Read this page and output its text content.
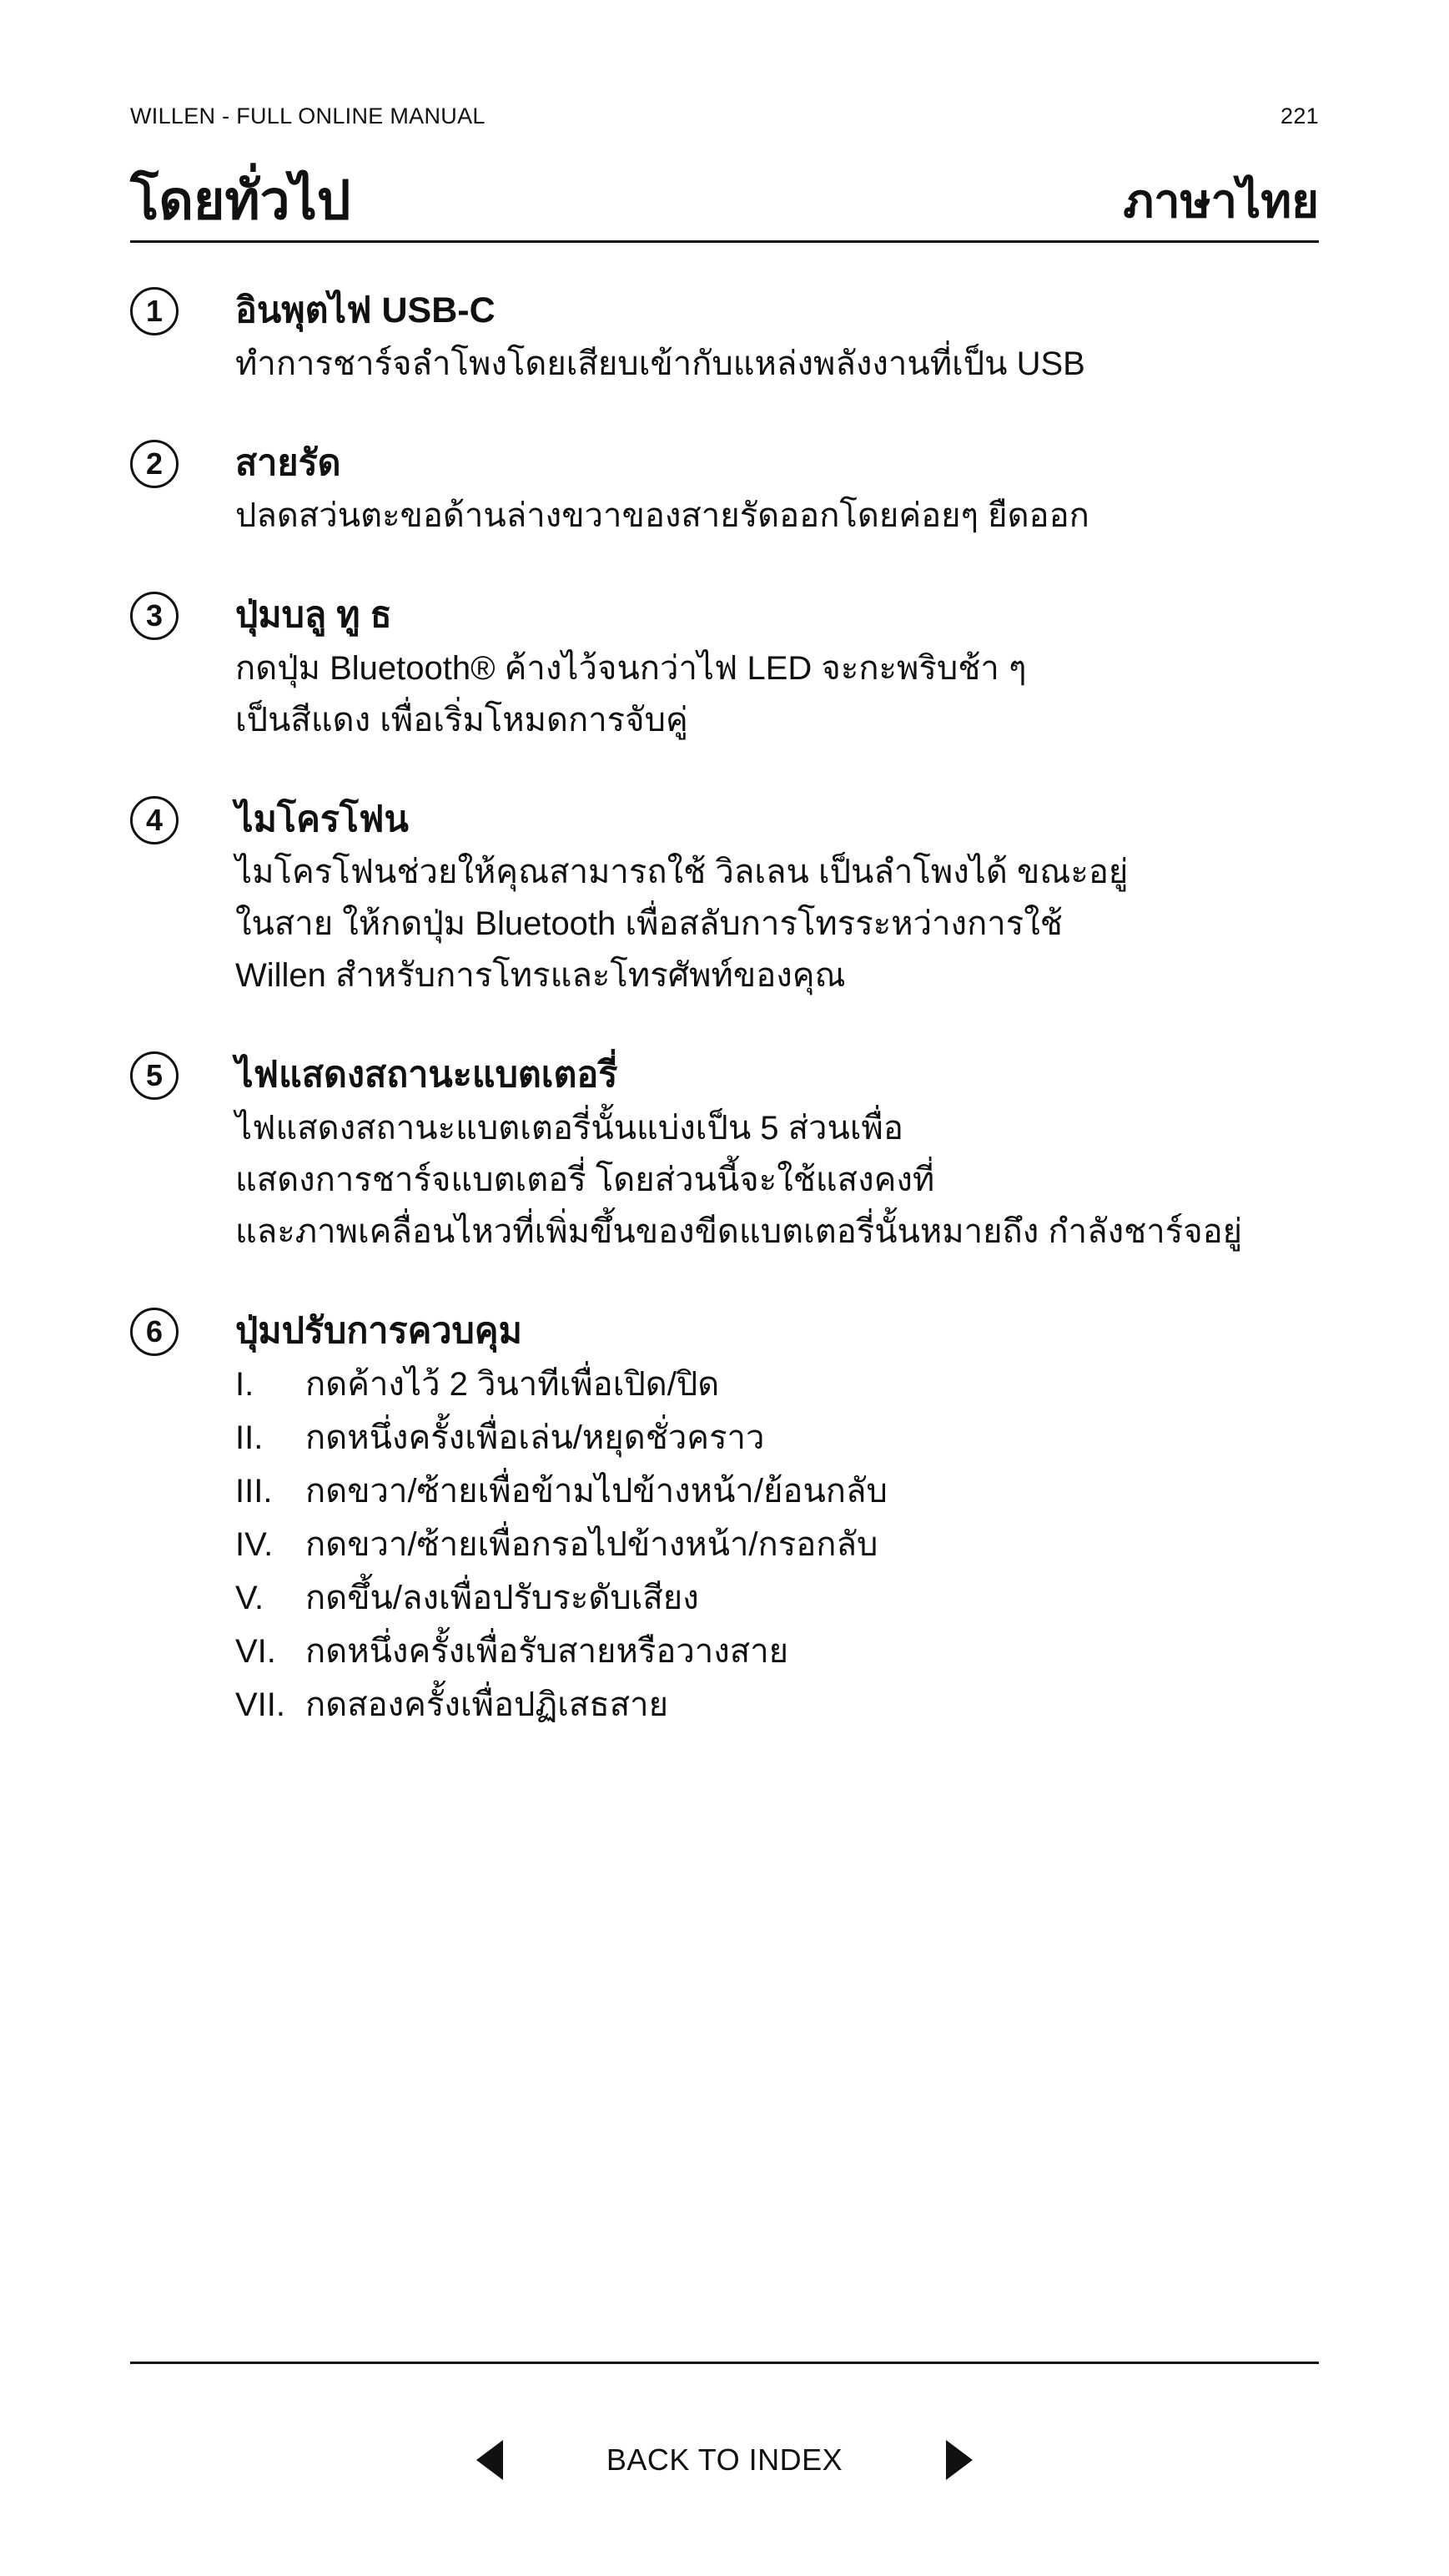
WILLEN - FULL ONLINE MANUAL	221
โดยทั่วไป	ภาษาไทย
1	อินพุตไฟ USB-C
ทำการชาร์จลำโพงโดยเสียบเข้ากับแหล่งพลังงานที่เป็น USB
2	สายรัด
ปลดสว่นตะขอด้านล่างขวาของสายรัดออกโดยค่อยๆ ยืดออก
3	ปุ่มบลู ทู ธ
กดปุ่ม Bluetooth® ค้างไว้จนกว่าไฟ LED จะกะพริบช้า ๆ
เป็นสีแดง เพื่อเริ่มโหมดการจับคู่
4	ไมโครโฟน
ไมโครโฟนช่วยให้คุณสามารถใช้ วิลเลน เป็นลำโพงได้ ขณะอยู่
ในสาย ให้กดปุ่ม Bluetooth เพื่อสลับการโทรระหว่างการใช้
Willen สำหรับการโทรและโทรศัพท์ของคุณ
5	ไฟแสดงสถานะแบตเตอรี่
ไฟแสดงสถานะแบตเตอรี่นั้นแบ่งเป็น 5 ส่วนเพื่อ
แสดงการชาร์จแบตเตอรี่ โดยส่วนนี้จะใช้แสงคงที่
และภาพเคลื่อนไหวที่เพิ่มขึ้นของขีดแบตเตอรี่นั้นหมายถึง กำลังชาร์จอยู่
6	ปุ่มปรับการควบคุม
I.	กดค้างไว้ 2 วินาทีเพื่อเปิด/ปิด
II.	กดหนึ่งครั้งเพื่อเล่น/หยุดชั่วคราว
III. กดขวา/ซ้ายเพื่อข้ามไปข้างหน้า/ย้อนกลับ
IV. กดขวา/ซ้ายเพื่อกรอไปข้างหน้า/กรอกลับ
V.	กดขึ้น/ลงเพื่อปรับระดับเสียง
VI. กดหนึ่งครั้งเพื่อรับสายหรือวางสาย
VII. กดสองครั้งเพื่อปฏิเสธสาย
BACK TO INDEX
